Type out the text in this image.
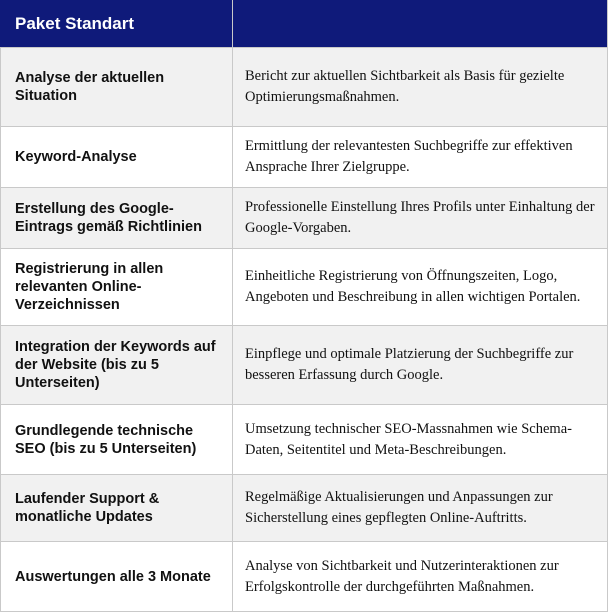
Paket Standart	
Analyse der aktuellen Situation	Bericht zur aktuellen Sichtbarkeit als Basis für gezielte Optimierungsmaßnahmen.
Keyword-Analyse	Ermittlung der relevantesten Suchbegriffe zur effektiven Ansprache Ihrer Zielgruppe.
Erstellung des Google-Eintrags gemäß Richtlinien	Professionelle Einstellung Ihres Profils unter Einhaltung der Google-Vorgaben.
Registrierung in allen relevanten Online-Verzeichnissen	Einheitliche Registrierung von Öffnungszeiten, Logo, Angeboten und Beschreibung in allen wichtigen Portalen.
Integration der Keywords auf der Website (bis zu 5 Unterseiten)	Einpflege und optimale Platzierung der Suchbegriffe zur besseren Erfassung durch Google.
Grundlegende technische SEO (bis zu 5 Unterseiten)	Umsetzung technischer SEO-Massnahmen wie Schema-Daten, Seitentitel und Meta-Beschreibungen.
Laufender Support & monatliche Updates	Regelmäßige Aktualisierungen und Anpassungen zur Sicherstellung eines gepflegten Online-Auftritts.
Auswertungen alle 3 Monate	Analyse von Sichtbarkeit und Nutzerinteraktionen zur Erfolgskontrolle der durchgeführten Maßnahmen.
